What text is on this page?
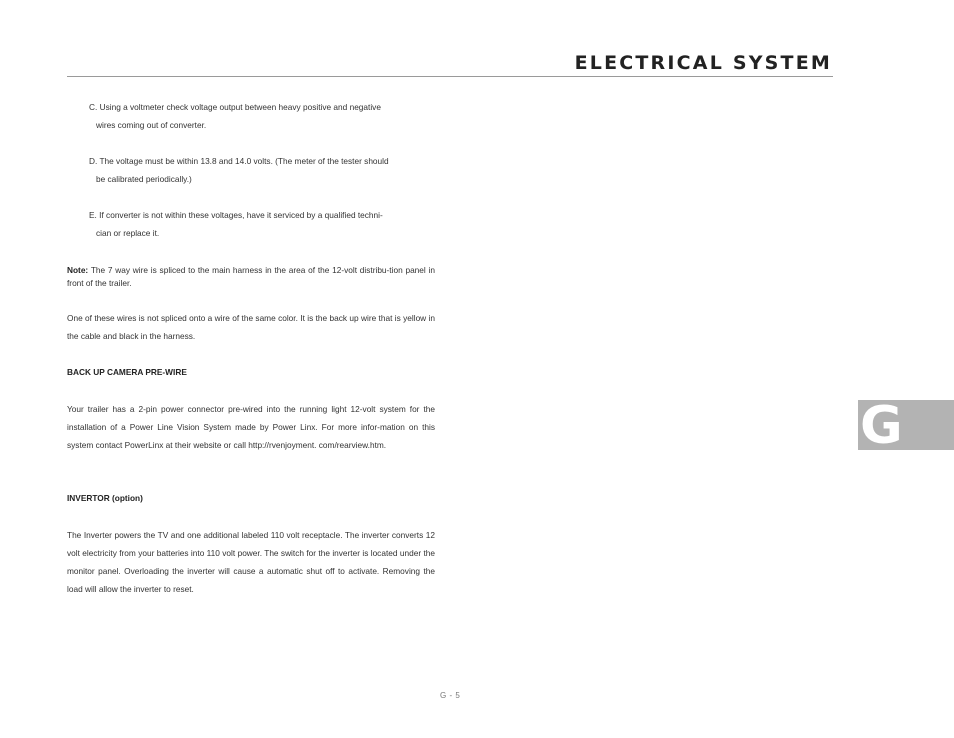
ELECTRICAL SYSTEM

C. Using a voltmeter check voltage output between heavy positive and negative
wires coming out of converter.

D. The voltage must be within 13.8 and 14.0 volts. (The meter of the tester should
be calibrated periodically.)

E. If converter is not within these voltages, have it serviced by a qualified techni-
cian or replace it.

Note: The 7 way wire is spliced to the main harness in the area of the 12-volt distribu-tion panel in front of the trailer.

One of these wires is not spliced onto a wire of the same color. It is the back up wire that is yellow in the cable and black in the harness.

BACK UP CAMERA PRE-WIRE

Your trailer has a 2-pin power connector pre-wired into the running light 12-volt system for the installation of a Power Line Vision System made by Power Linx. For more infor-mation on this system contact PowerLinx at their website or call http://rvenjoyment. com/rearview.htm.

INVERTOR (option)

The Inverter powers the TV and one additional labeled 110 volt receptacle. The inverter converts 12 volt electricity from your batteries into 110 volt power. The switch for the inverter is located under the monitor panel. Overloading the inverter will cause a automatic shut off to activate. Removing the load will allow the inverter to reset.

G
G - 5
